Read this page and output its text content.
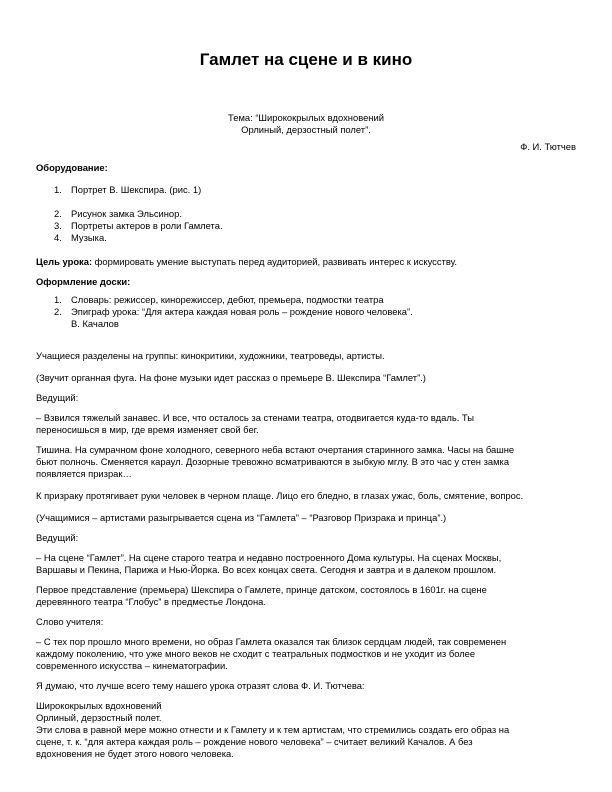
Гамлет на сцене и в кино
Тема: “Ширококрылых вдохновений
Орлиный, дерзостный полет”.
Ф. И. Тютчев

Оборудование:

1. Портрет В. Шекспира. (рис. 1)
2. Рисунок замка Эльсинор.
3. Портреты актеров в роли Гамлета.
4. Музыка.

Цель урока: формировать умение выступать перед аудиторией, развивать интерес к искусству.

Оформление доски:

1. Словарь: режиссер, кинорежиссер, дебют, премьера, подмостки театра
2. Эпиграф урока: “Для актера каждая новая роль – рождение нового человека”.
В. Качалов

Учащиеся разделены на группы: кинокритики, художники, театроведы, артисты.

(Звучит органная фуга. На фоне музыки идет рассказ о премьере В. Шекспира “Гамлет”.)

Ведущий:

– Взвился тяжелый занавес. И все, что осталось за стенами театра, отодвигается куда-то вдаль. Ты
переносишься в мир, где время изменяет свой бег.

Тишина. На сумрачном фоне холодного, северного неба встают очертания старинного замка. Часы на башне
бьют полночь. Сменяется караул. Дозорные тревожно всматриваются в зыбкую мглу. В это час у стен замка
появляется призрак…

К призраку протягивает руки человек в черном плаще. Лицо его бледно, в глазах ужас, боль, смятение, вопрос.

(Учащимися – артистами разыгрывается сцена из “Гамлета” – “Разговор Призрака и принца”.)

Ведущий:

– На сцене “Гамлет”. На сцене старого театра и недавно построенного Дома культуры. На сценах Москвы,
Варшавы и Пекина, Парижа и Нью-Йорка. Во всех концах света. Сегодня и завтра и в далеком прошлом.

Первое представление (премьера) Шекспира о Гамлете, принце датском, состоялось в 1601г. на сцене
деревянного театра “Глобус” в предместье Лондона.

Слово учителя:

– С тех пор прошло много времени, но образ Гамлета оказался так близок сердцам людей, так современен
каждому поколению, что уже много веков не сходит с театральных подмостков и не уходит из более
современного искусства – кинематографии.

Я думаю, что лучше всего тему нашего урока отразят слова Ф. И. Тютчева:

Ширококрылых вдохновений
Орлиный, дерзостный полет.
Эти слова в равной мере можно отнести и к Гамлету и к тем артистам, что стремились создать его образ на
сцене, т. к. “для актера каждая роль – рождение нового человека” – считает великий Качалов. А без
вдохновения не будет этого нового человека.
